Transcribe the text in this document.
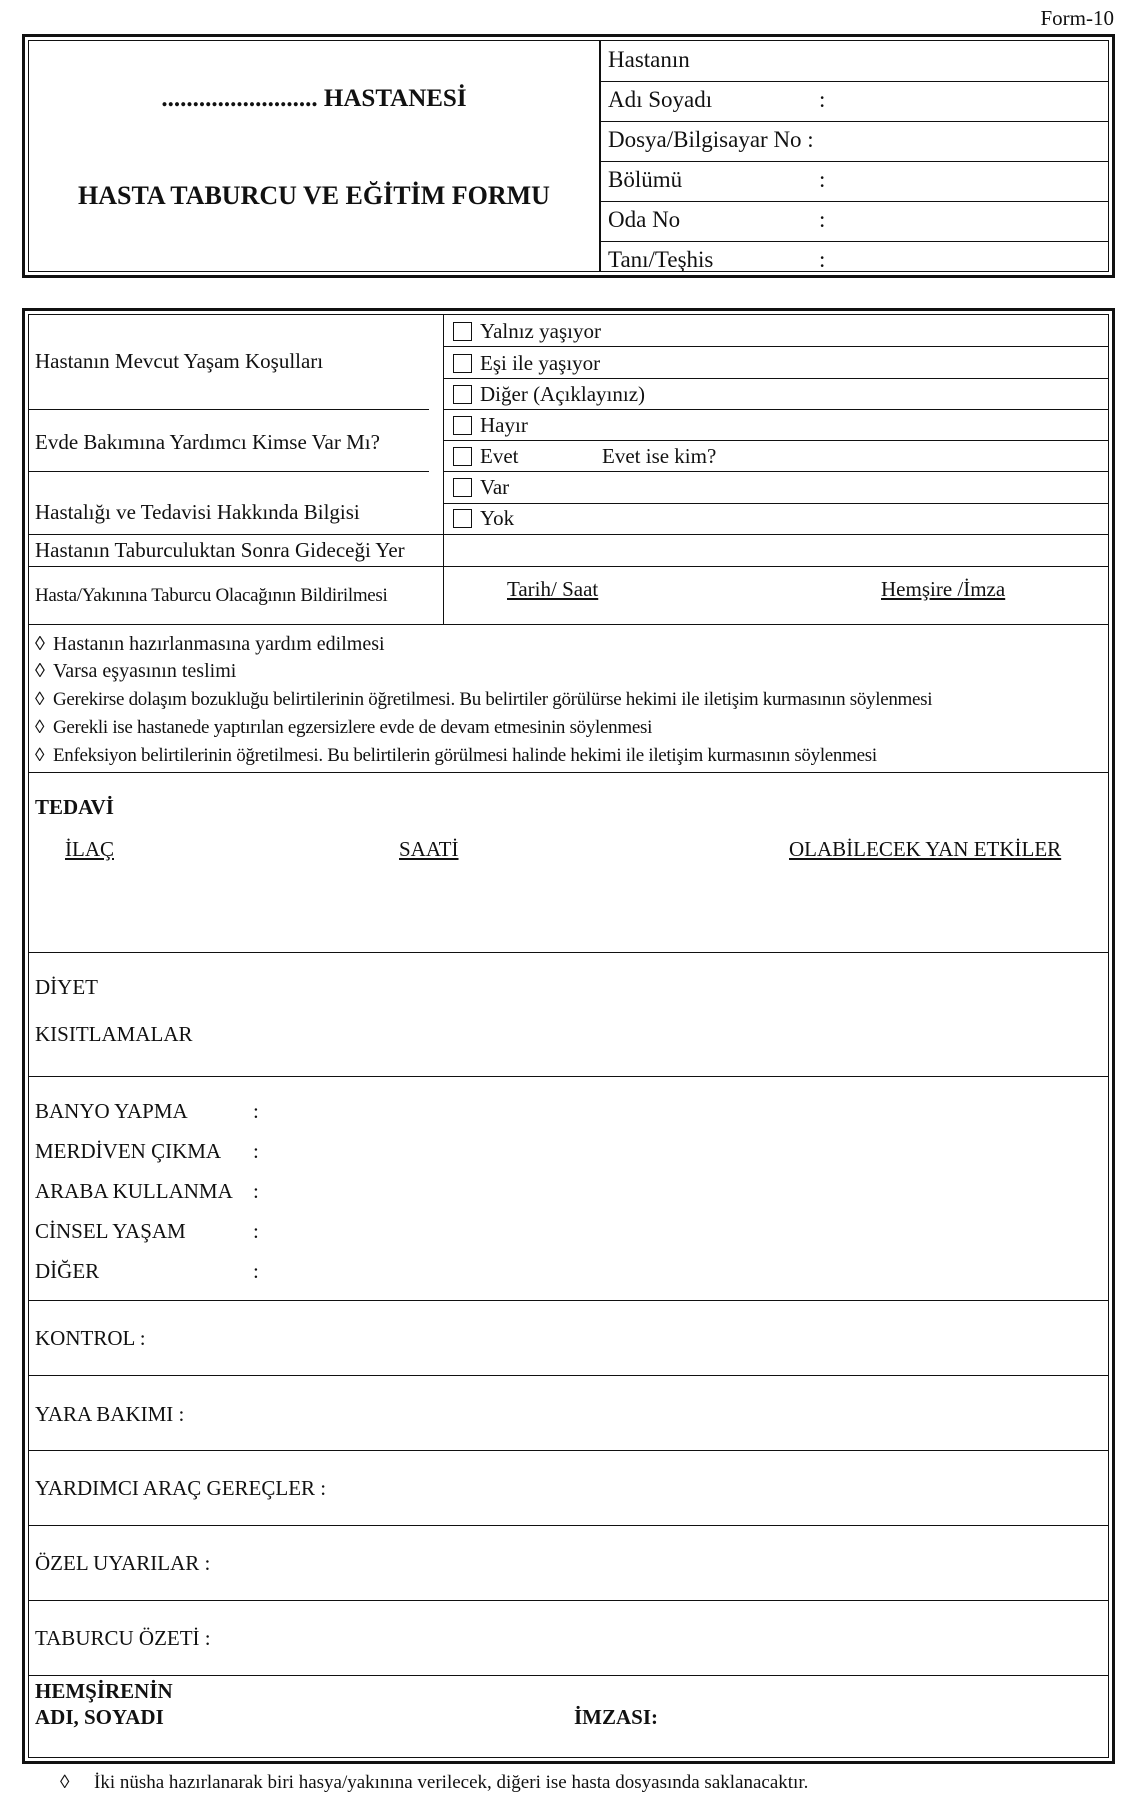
Form-10
......................... HASTANESİ
HASTA TABURCU VE EĞİTİM FORMU
Hastanın
Adı Soyadı	:
Dosya/Bilgisayar No :
Bölümü	:
Oda No	:
Tanı/Teşhis	:
Hastanın Mevcut Yaşam Koşulları
Yalnız yaşıyor
Eşi ile yaşıyor
Diğer (Açıklayınız)
Evde Bakımına Yardımcı Kimse Var Mı?
Hayır
Evet	Evet ise kim?
Hastalığı ve Tedavisi Hakkında Bilgisi
Var
Yok
Hastanın Taburculuktan Sonra Gideceği Yer
Hasta/Yakınına Taburcu Olacağının Bildirilmesi	Tarih/ Saat	Hemşire /İmza
◊ Hastanın hazırlanmasına yardım edilmesi
◊ Varsa eşyasının teslimi
◊ Gerekirse dolaşım bozukluğu belirtilerinin öğretilmesi. Bu belirtiler görülürse hekimi ile iletişim kurmasının söylenmesi
◊ Gerekli ise hastanede yaptırılan egzersizlere evde de devam etmesinin söylenmesi
◊ Enfeksiyon belirtilerinin öğretilmesi. Bu belirtilerin görülmesi halinde hekimi ile iletişim kurmasının söylenmesi
TEDAVİ
İLAÇ	SAATİ	OLABİLECEK YAN ETKİLER
DİYET
KISITLAMALAR
BANYO YAPMA	:
MERDİVEN ÇIKMA :
ARABA KULLANMA :
CİNSEL YAŞAM	:
DİĞER	:
KONTROL :
YARA BAKIMI :
YARDIMCI ARAÇ GEREÇLER :
ÖZEL UYARILAR :
TABURCU ÖZETİ :
HEMŞİRENİN
ADI, SOYADI	İMZASI:
◊ İki nüsha hazırlanarak biri hasya/yakınına verilecek, diğeri ise hasta dosyasında saklanacaktır.
